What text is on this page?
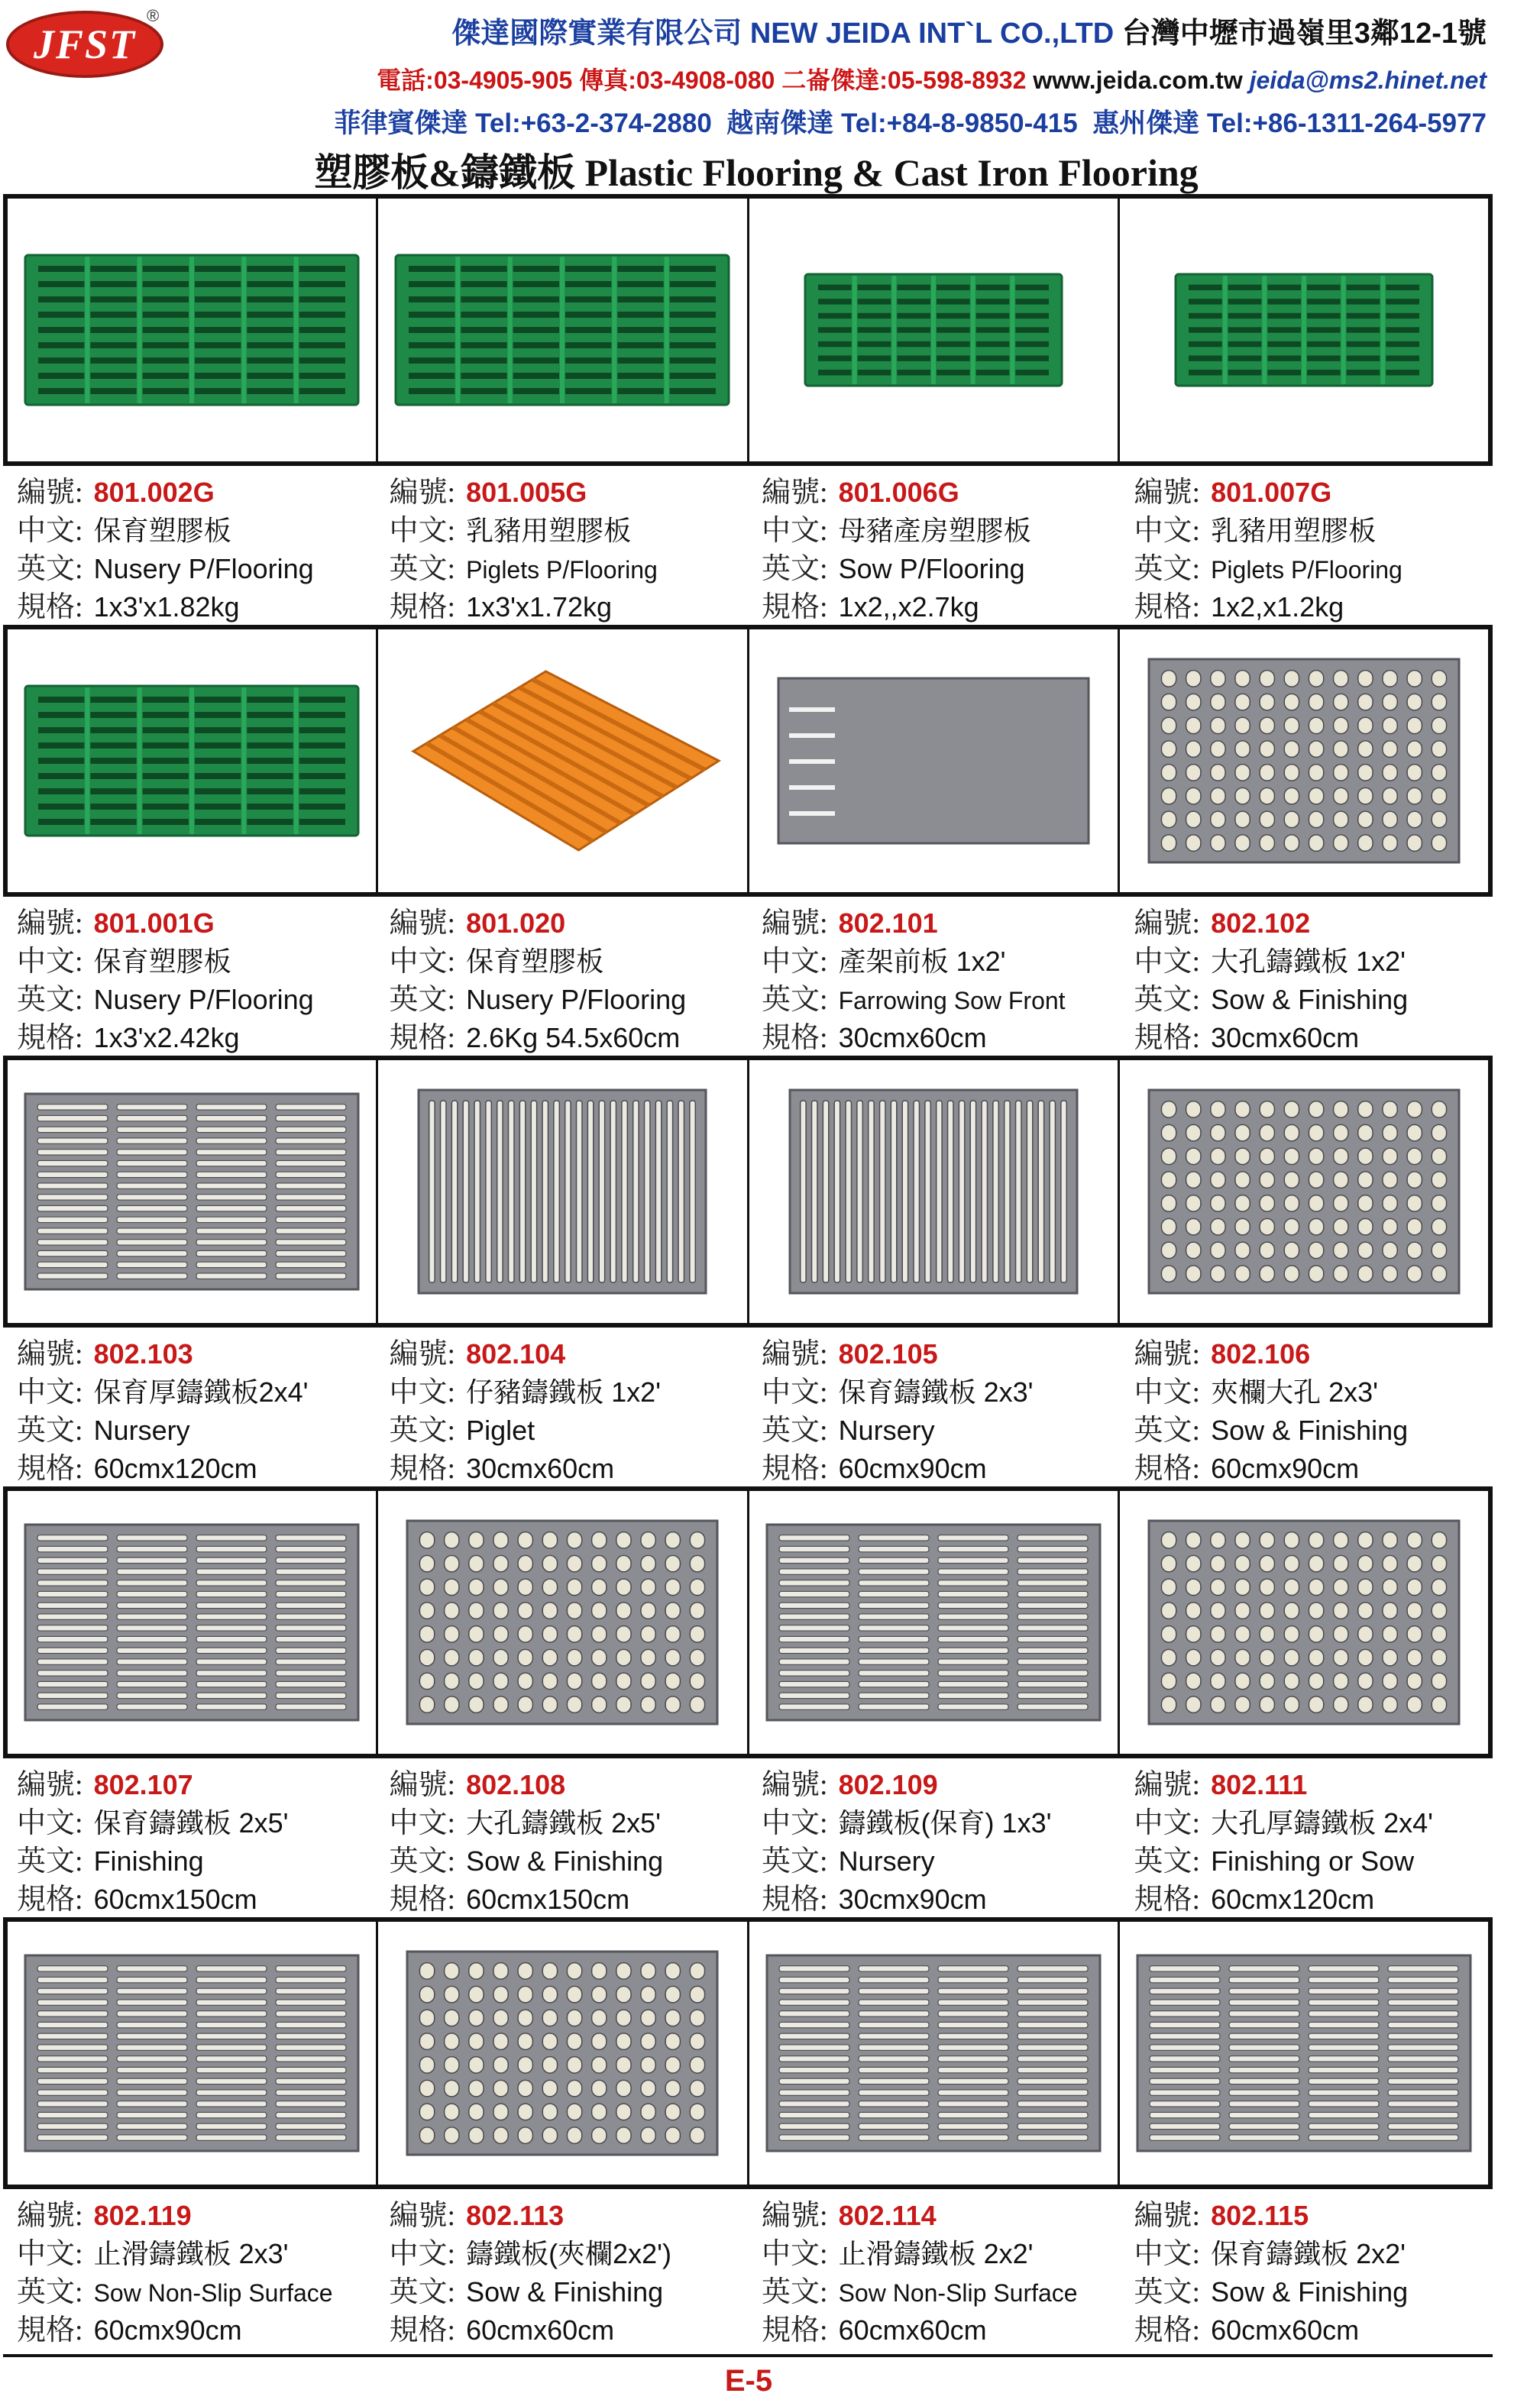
JFST
®
傑達國際實業有限公司 NEW JEIDA INT`L CO.,LTD 台灣中壢市過嶺里3鄰12-1號
電話:03-4905-905 傳真:03-4908-080 二崙傑達:05-598-8932 www.jeida.com.tw jeida@ms2.hinet.net
菲律賓傑達 Tel:+63-2-374-2880 越南傑達 Tel:+84-8-9850-415 惠州傑達 Tel:+86-1311-264-5977
塑膠板&鑄鐵板 Plastic Flooring & Cast Iron Flooring
編號: 801.002G
中文: 保育塑膠板
英文: Nusery P/Flooring
規格: 1x3'x1.82kg
編號: 801.005G
中文: 乳豬用塑膠板
英文: Piglets P/Flooring
規格: 1x3'x1.72kg
編號: 801.006G
中文: 母豬產房塑膠板
英文: Sow P/Flooring
規格: 1x2,,x2.7kg
編號: 801.007G
中文: 乳豬用塑膠板
英文: Piglets P/Flooring
規格: 1x2,x1.2kg
編號: 801.001G
中文: 保育塑膠板
英文: Nusery P/Flooring
規格: 1x3'x2.42kg
編號: 801.020
中文: 保育塑膠板
英文: Nusery P/Flooring
規格: 2.6Kg 54.5x60cm
編號: 802.101
中文: 產架前板 1x2'
英文: Farrowing Sow Front
規格: 30cmx60cm
編號: 802.102
中文: 大孔鑄鐵板 1x2'
英文: Sow & Finishing
規格: 30cmx60cm
編號: 802.103
中文: 保育厚鑄鐵板2x4'
英文: Nursery
規格: 60cmx120cm
編號: 802.104
中文: 仔豬鑄鐵板 1x2'
英文: Piglet
規格: 30cmx60cm
編號: 802.105
中文: 保育鑄鐵板 2x3'
英文: Nursery
規格: 60cmx90cm
編號: 802.106
中文: 夾欄大孔 2x3'
英文: Sow & Finishing
規格: 60cmx90cm
編號: 802.107
中文: 保育鑄鐵板 2x5'
英文: Finishing
規格: 60cmx150cm
編號: 802.108
中文: 大孔鑄鐵板 2x5'
英文: Sow & Finishing
規格: 60cmx150cm
編號: 802.109
中文: 鑄鐵板(保育) 1x3'
英文: Nursery
規格: 30cmx90cm
編號: 802.111
中文: 大孔厚鑄鐵板 2x4'
英文: Finishing or Sow
規格: 60cmx120cm
編號: 802.119
中文: 止滑鑄鐵板 2x3'
英文: Sow Non-Slip Surface
規格: 60cmx90cm
編號: 802.113
中文: 鑄鐵板(夾欄2x2')
英文: Sow & Finishing
規格: 60cmx60cm
編號: 802.114
中文: 止滑鑄鐵板 2x2'
英文: Sow Non-Slip Surface
規格: 60cmx60cm
編號: 802.115
中文: 保育鑄鐵板 2x2'
英文: Sow & Finishing
規格: 60cmx60cm
E-5
